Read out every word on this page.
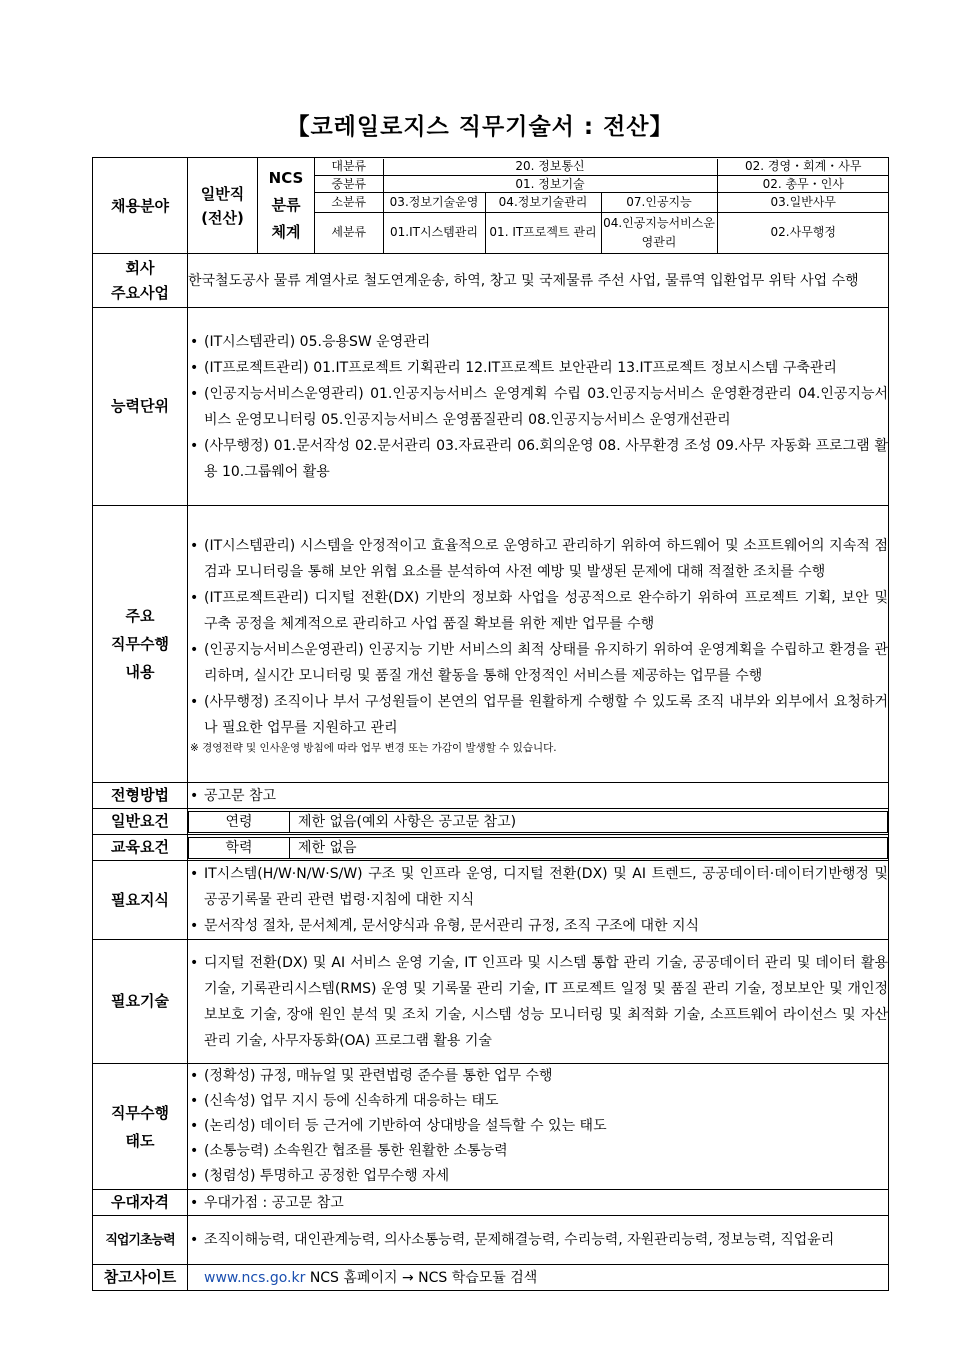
【코레일로지스 직무기술서 : 전산】
채용분야	
일반직
(전산)

NCS
분류
체계

대분류	20. 정보통신	02. 경영・회계・사무
중분류	01. 정보기술	02. 총무・인사
소분류	03.정보기술운영	04.정보기술관리	07.인공지능	03.일반사무
세분류	01.IT시스템관리	01. IT프로젝트 관리	04.인공지능서비스운영관리	02.사무행정

회사
주요사업
	한국철도공사 물류 계열사로 철도연계운송, 하역, 창고 및 국제물류 주선 사업, 물류역 입환업무 위탁 사업 수행
능력단위	
• (IT시스템관리) 05.응용SW 운영관리
• (IT프로젝트관리) 01.IT프로젝트 기획관리 12.IT프로젝트 보안관리 13.IT프로젝트 정보시스템 구축관리
• (인공지능서비스운영관리) 01.인공지능서비스 운영계획 수립 03.인공지능서비스 운영환경관리 04.인공지능서비스 운영모니터링 05.인공지능서비스 운영품질관리 08.인공지능서비스 운영개선관리
• (사무행정) 01.문서작성 02.문서관리 03.자료관리 06.회의운영 08. 사무환경 조성 09.사무 자동화 프로그램 활용 10.그룹웨어 활용

주요
직무수행
내용

• (IT시스템관리) 시스템을 안정적이고 효율적으로 운영하고 관리하기 위하여 하드웨어 및 소프트웨어의 지속적 점검과 모니터링을 통해 보안 위협 요소를 분석하여 사전 예방 및 발생된 문제에 대해 적절한 조치를 수행
• (IT프로젝트관리) 디지털 전환(DX) 기반의 정보화 사업을 성공적으로 완수하기 위하여 프로젝트 기획, 보안 및 구축 공정을 체계적으로 관리하고 사업 품질 확보를 위한 제반 업무를 수행
• (인공지능서비스운영관리) 인공지능 기반 서비스의 최적 상태를 유지하기 위하여 운영계획을 수립하고 환경을 관리하며, 실시간 모니터링 및 품질 개선 활동을 통해 안정적인 서비스를 제공하는 업무를 수행
• (사무행정) 조직이나 부서 구성원들이 본연의 업무를 원활하게 수행할 수 있도록 조직 내부와 외부에서 요청하거나 필요한 업무를 지원하고 관리
※ 경영전략 및 인사운영 방침에 따라 업무 변경 또는 가감이 발생할 수 있습니다.

전형방법	
•공고문 참고

일반요건		연령	제한 없음(예외 사항은 공고문 참고)

교육요건		학력	제한 없음

필요지식	
• IT시스템(H/W·N/W·S/W) 구조 및 인프라 운영, 디지털 전환(DX) 및 AI 트렌드, 공공데이터·데이터기반행정 및 공공기록물 관리 관련 법령·지침에 대한 지식
• 문서작성 절차, 문서체계, 문서양식과 유형, 문서관리 규정, 조직 구조에 대한 지식

필요기술	
• 디지털 전환(DX) 및 AI 서비스 운영 기술, IT 인프라 및 시스템 통합 관리 기술, 공공데이터 관리 및 데이터 활용 기술, 기록관리시스템(RMS) 운영 및 기록물 관리 기술, IT 프로젝트 일정 및 품질 관리 기술, 정보보안 및 개인정보보호 기술, 장애 원인 분석 및 조치 기술, 시스템 성능 모니터링 및 최적화 기술, 소프트웨어 라이선스 및 자산 관리 기술, 사무자동화(OA) 프로그램 활용 기술

직무수행
태도

• (정확성) 규정, 매뉴얼 및 관련법령 준수를 통한 업무 수행
• (신속성) 업무 지시 등에 신속하게 대응하는 태도
• (논리성) 데이터 등 근거에 기반하여 상대방을 설득할 수 있는 태도
• (소통능력) 소속원간 협조를 통한 원활한 소통능력
• (청렴성) 투명하고 공정한 업무수행 자세

우대자격	
•우대가점 : 공고문 참고

직업기초능력	
•조직이해능력, 대인관계능력, 의사소통능력, 문제해결능력, 수리능력, 자원관리능력, 정보능력, 직업윤리

참고사이트	www.ncs.go.kr NCS 홈페이지 → NCS 학습모듈 검색
